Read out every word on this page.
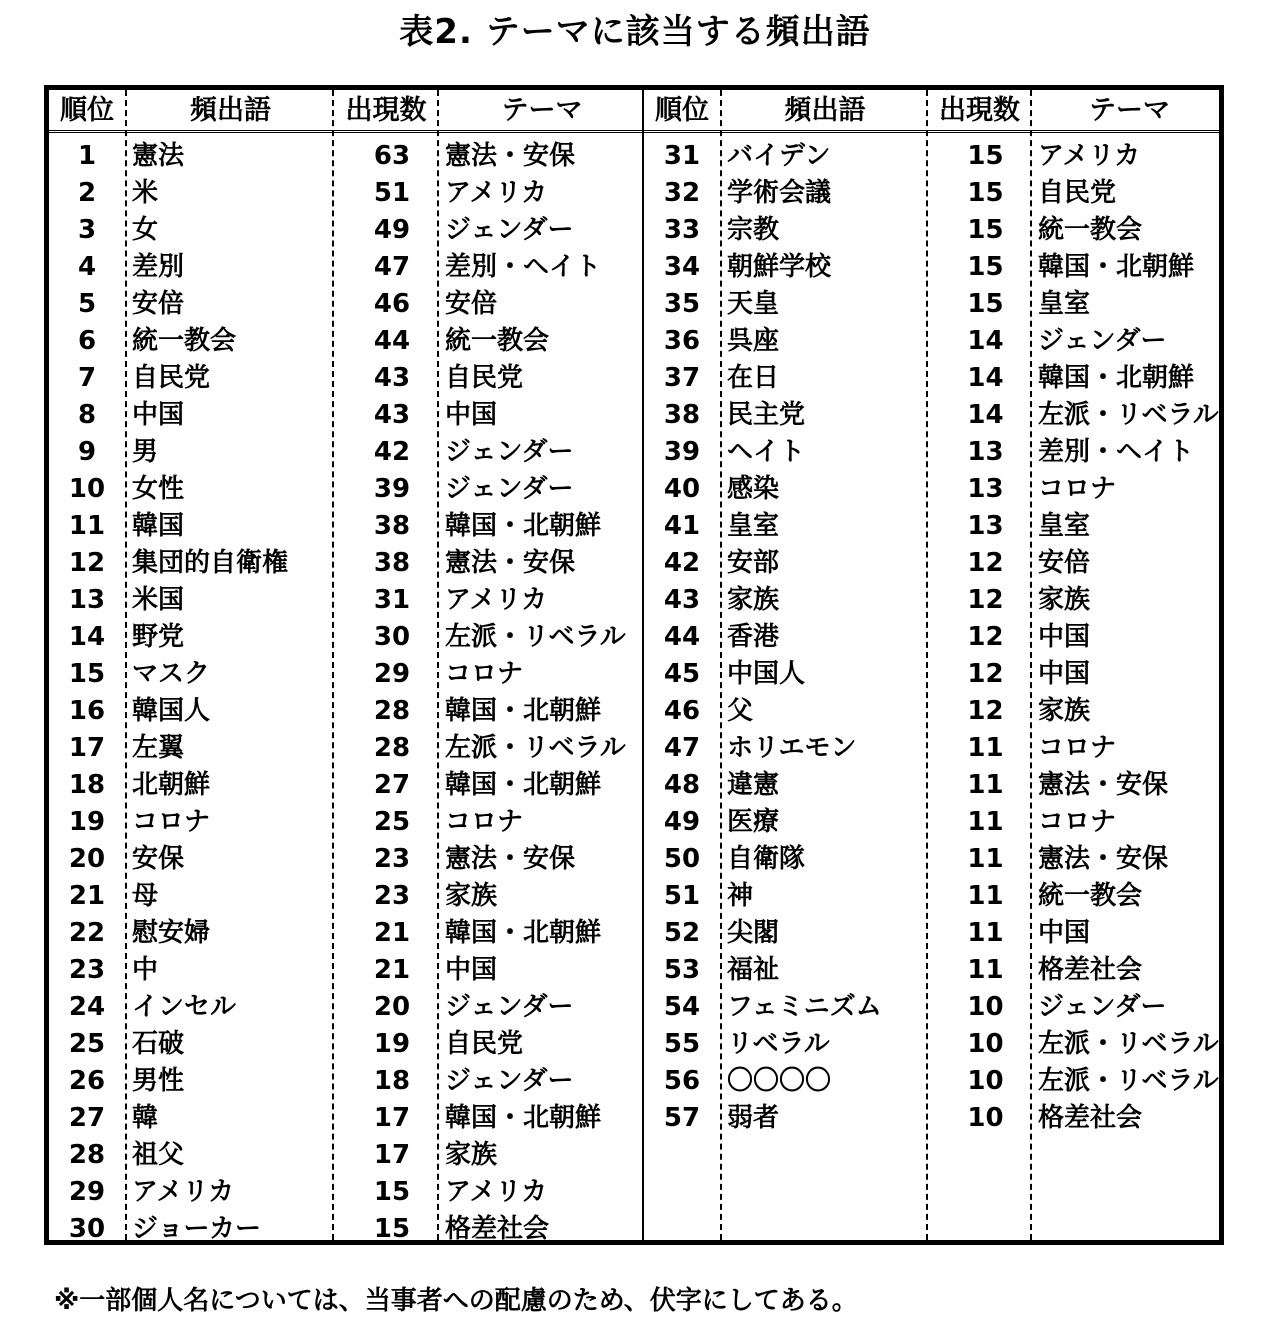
表2. テーマに該当する頻出語
順位	頻出語	出現数	テーマ	順位	頻出語	出現数	テーマ
1	憲法	63	憲法・安保
2	米	51	アメリカ
3	女	49	ジェンダー
4	差別	47	差別・ヘイト
5	安倍	46	安倍
6	統一教会	44	統一教会
7	自民党	43	自民党
8	中国	43	中国
9	男	42	ジェンダー
10	女性	39	ジェンダー
11	韓国	38	韓国・北朝鮮
12	集団的自衛権	38	憲法・安保
13	米国	31	アメリカ
14	野党	30	左派・リベラル
15	マスク	29	コロナ
16	韓国人	28	韓国・北朝鮮
17	左翼	28	左派・リベラル
18	北朝鮮	27	韓国・北朝鮮
19	コロナ	25	コロナ
20	安保	23	憲法・安保
21	母	23	家族
22	慰安婦	21	韓国・北朝鮮
23	中	21	中国
24	インセル	20	ジェンダー
25	石破	19	自民党
26	男性	18	ジェンダー
27	韓	17	韓国・北朝鮮
28	祖父	17	家族
29	アメリカ	15	アメリカ
30	ジョーカー	15	格差社会
31	バイデン	15	アメリカ
32	学術会議	15	自民党
33	宗教	15	統一教会
34	朝鮮学校	15	韓国・北朝鮮
35	天皇	15	皇室
36	呉座	14	ジェンダー
37	在日	14	韓国・北朝鮮
38	民主党	14	左派・リベラル
39	ヘイト	13	差別・ヘイト
40	感染	13	コロナ
41	皇室	13	皇室
42	安部	12	安倍
43	家族	12	家族
44	香港	12	中国
45	中国人	12	中国
46	父	12	家族
47	ホリエモン	11	コロナ
48	違憲	11	憲法・安保
49	医療	11	コロナ
50	自衛隊	11	憲法・安保
51	神	11	統一教会
52	尖閣	11	中国
53	福祉	11	格差社会
54	フェミニズム	10	ジェンダー
55	リベラル	10	左派・リベラル
56	〇〇〇〇	10	左派・リベラル
57	弱者	10	格差社会
※一部個人名については、当事者への配慮のため、伏字にしてある。
